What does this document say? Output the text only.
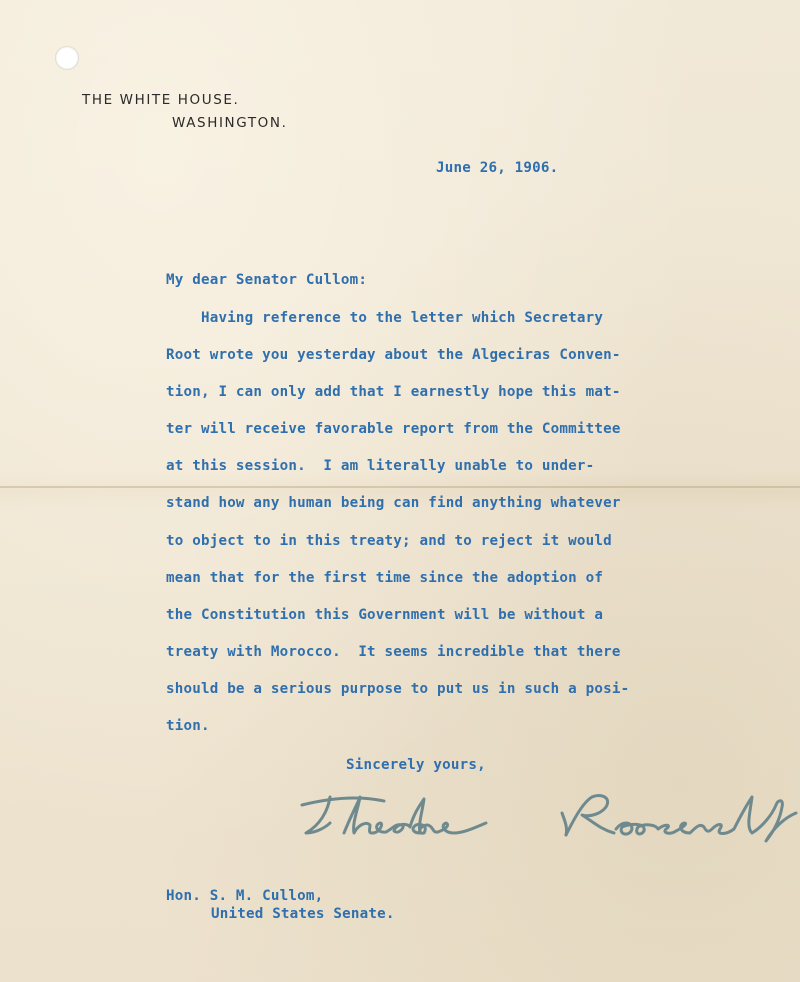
THE WHITE HOUSE.
WASHINGTON.
June 26, 1906.
My dear Senator Cullom:
Having reference to the letter which Secretary
Root wrote you yesterday about the Algeciras Conven-
tion, I can only add that I earnestly hope this mat-
ter will receive favorable report from the Committee
at this session.  I am literally unable to under-
stand how any human being can find anything whatever
to object to in this treaty; and to reject it would
mean that for the first time since the adoption of
the Constitution this Government will be without a
treaty with Morocco.  It seems incredible that there
should be a serious purpose to put us in such a posi-
tion.
Sincerely yours,
Hon. S. M. Cullom,
United States Senate.
